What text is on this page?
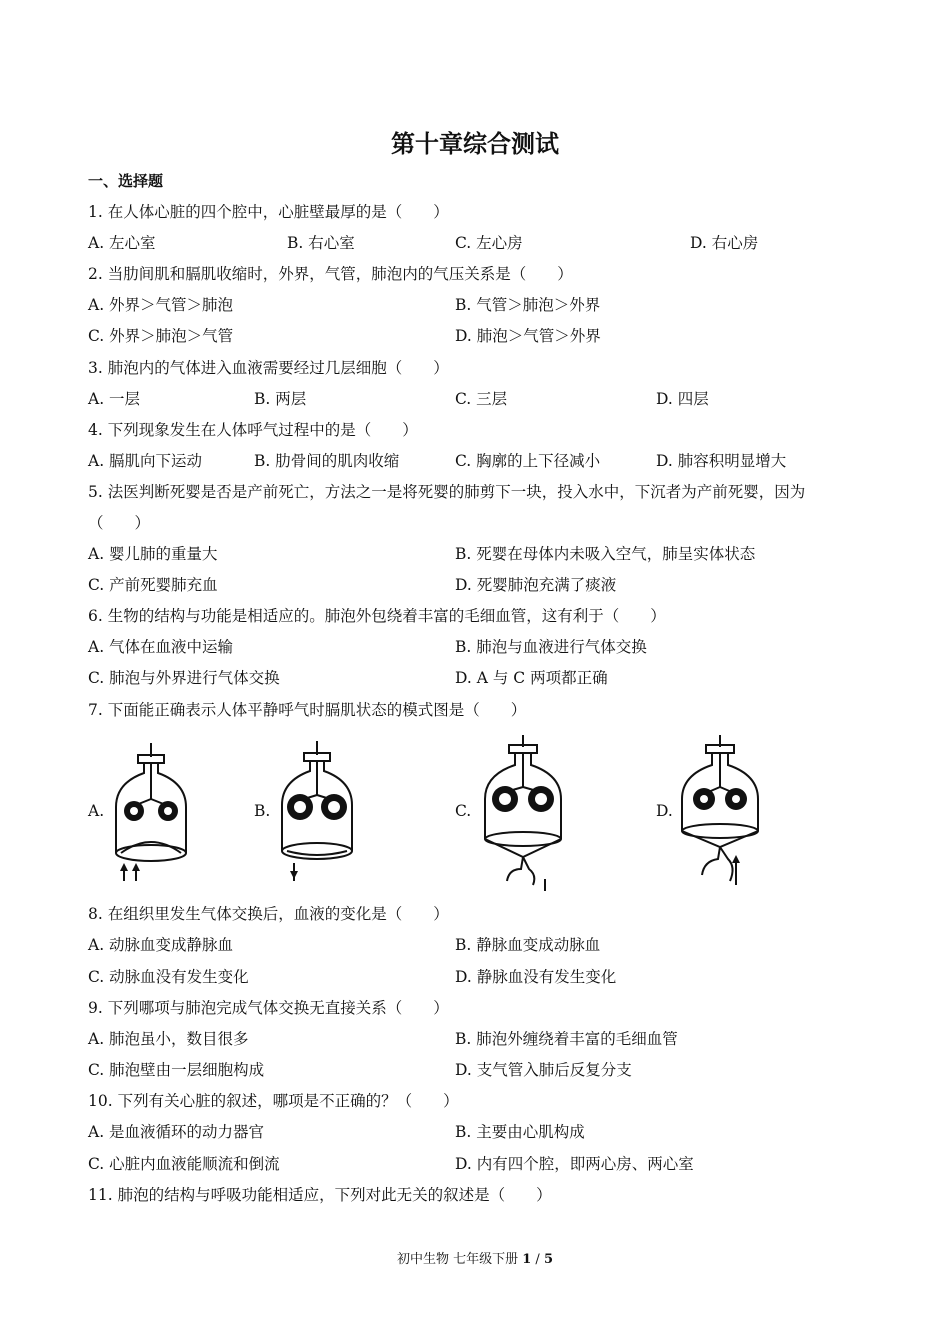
第十章综合测试
一、选择题
1. 在人体心脏的四个腔中，心脏壁最厚的是（　　）
A. 左心室	B. 右心室	C. 左心房	D. 右心房
2. 当肋间肌和膈肌收缩时，外界，气管，肺泡内的气压关系是（　　）
A. 外界＞气管＞肺泡	B. 气管＞肺泡＞外界
C. 外界＞肺泡＞气管	D. 肺泡＞气管＞外界
3. 肺泡内的气体进入血液需要经过几层细胞（　　）
A. 一层	B. 两层	C. 三层	D. 四层
4. 下列现象发生在人体呼气过程中的是（　　）
A. 膈肌向下运动	B. 肋骨间的肌肉收缩	C. 胸廓的上下径减小	D. 肺容积明显增大
5. 法医判断死婴是否是产前死亡，方法之一是将死婴的肺剪下一块，投入水中，下沉者为产前死婴，因为
（　　）
A. 婴儿肺的重量大	B. 死婴在母体内未吸入空气，肺呈实体状态
C. 产前死婴肺充血	D. 死婴肺泡充满了痰液
6. 生物的结构与功能是相适应的。肺泡外包绕着丰富的毛细血管，这有利于（　　）
A. 气体在血液中运输	B. 肺泡与血液进行气体交换
C. 肺泡与外界进行气体交换	D. A 与 C 两项都正确
7. 下面能正确表示人体平静呼气时膈肌状态的模式图是（　　）
A.	B.	C.	D.
8. 在组织里发生气体交换后，血液的变化是（　　）
A. 动脉血变成静脉血	B. 静脉血变成动脉血
C. 动脉血没有发生变化	D. 静脉血没有发生变化
9. 下列哪项与肺泡完成气体交换无直接关系（　　）
A. 肺泡虽小，数目很多	B. 肺泡外缠绕着丰富的毛细血管
C. 肺泡壁由一层细胞构成	D. 支气管入肺后反复分支
10. 下列有关心脏的叙述，哪项是不正确的？（　　）
A. 是血液循环的动力器官	B. 主要由心肌构成
C. 心脏内血液能顺流和倒流	D. 内有四个腔，即两心房、两心室
11. 肺泡的结构与呼吸功能相适应，下列对此无关的叙述是（　　）
初中生物 七年级下册 1 / 5
